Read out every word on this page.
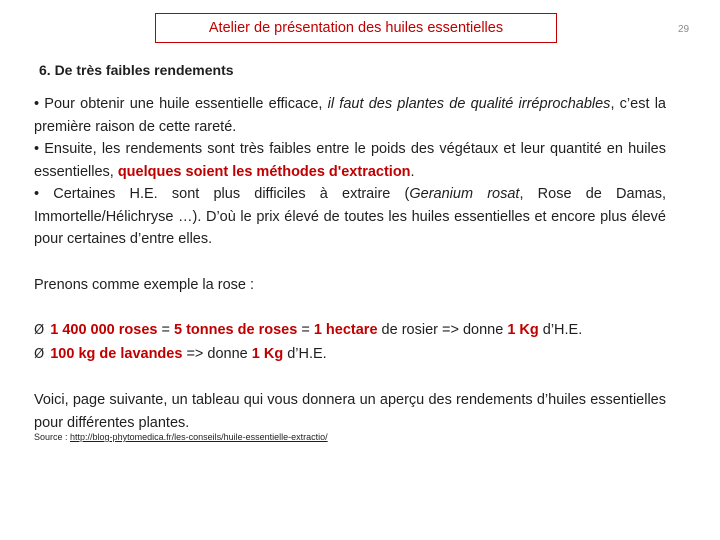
Atelier de présentation des huiles essentielles	29
6. De très faibles rendements

• Pour obtenir une huile essentielle efficace, il faut des plantes de qualité irréprochables, c’est la première raison de cette rareté.

• Ensuite, les rendements sont très faibles entre le poids des végétaux et leur quantité en huiles essentielles, quelques soient les méthodes d'extraction.

• Certaines H.E. sont plus difficiles à extraire (Geranium rosat, Rose de Damas, Immortelle/Hélichryse …). D’où le prix élevé de toutes les huiles essentielles et encore plus élevé pour certaines d’entre elles.

Prenons comme exemple la rose :

Ø 1 400 000 roses = 5 tonnes de roses = 1 hectare de rosier => donne 1 Kg d’H.E.

Ø 100 kg de lavandes => donne 1 Kg d’H.E.

Voici, page suivante, un tableau qui vous donnera un aperçu des rendements d’huiles essentielles pour différentes plantes.

Source : http://blog-phytomedica.fr/les-conseils/huile-essentielle-extractio/
